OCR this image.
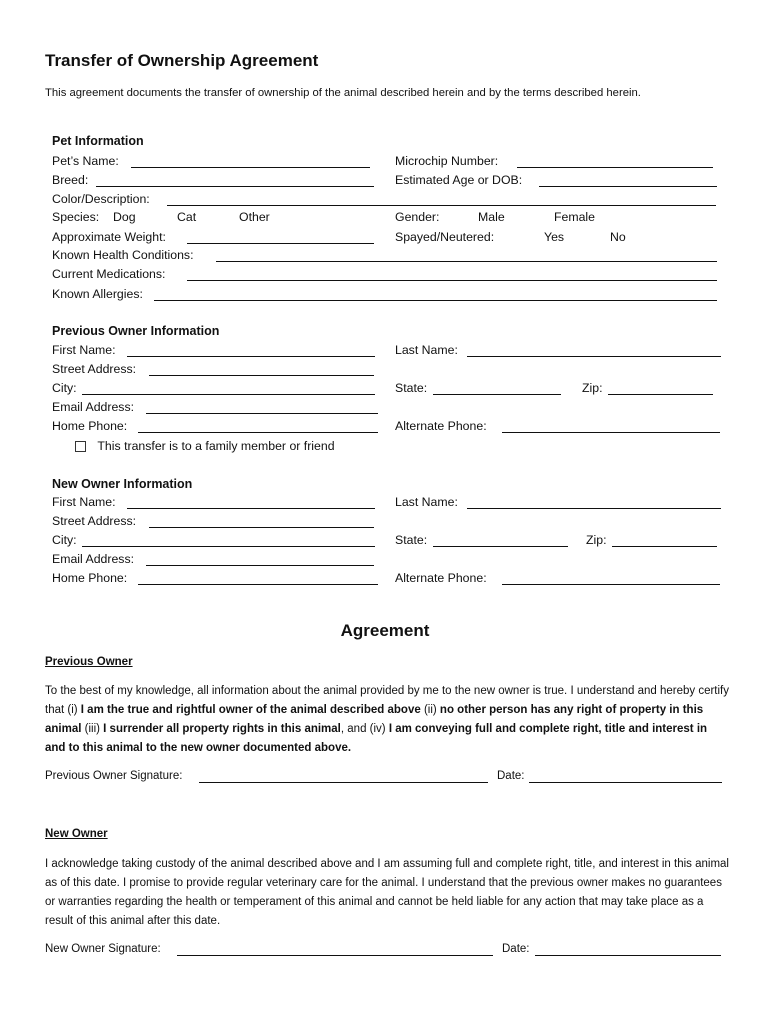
Transfer of Ownership Agreement
This agreement documents the transfer of ownership of the animal described herein and by the terms described herein.
Pet Information
Pet’s Name:	Microchip Number:
Breed:	Estimated Age or DOB:
Color/Description:
Species: Dog	Cat	Other	Gender:	Male	Female
Approximate Weight:	Spayed/Neutered:	Yes	No
Known Health Conditions:
Current Medications:
Known Allergies:
Previous Owner Information
First Name:	Last Name:
Street Address:
City:	State:	Zip:
Email Address:
Home Phone:	Alternate Phone:
This transfer is to a family member or friend
New Owner Information
First Name:	Last Name:
Street Address:
City:	State:	Zip:
Email Address:
Home Phone:	Alternate Phone:
Agreement
Previous Owner
To the best of my knowledge, all information about the animal provided by me to the new owner is true. I understand and hereby certify that (i) I am the true and rightful owner of the animal described above (ii) no other person has any right of property in this animal (iii) I surrender all property rights in this animal, and (iv) I am conveying full and complete right, title and interest in and to this animal to the new owner documented above.
Previous Owner Signature:	Date:
New Owner
I acknowledge taking custody of the animal described above and I am assuming full and complete right, title, and interest in this animal as of this date. I promise to provide regular veterinary care for the animal. I understand that the previous owner makes no guarantees or warranties regarding the health or temperament of this animal and cannot be held liable for any action that may take place as a result of this animal after this date.
New Owner Signature:	Date:
